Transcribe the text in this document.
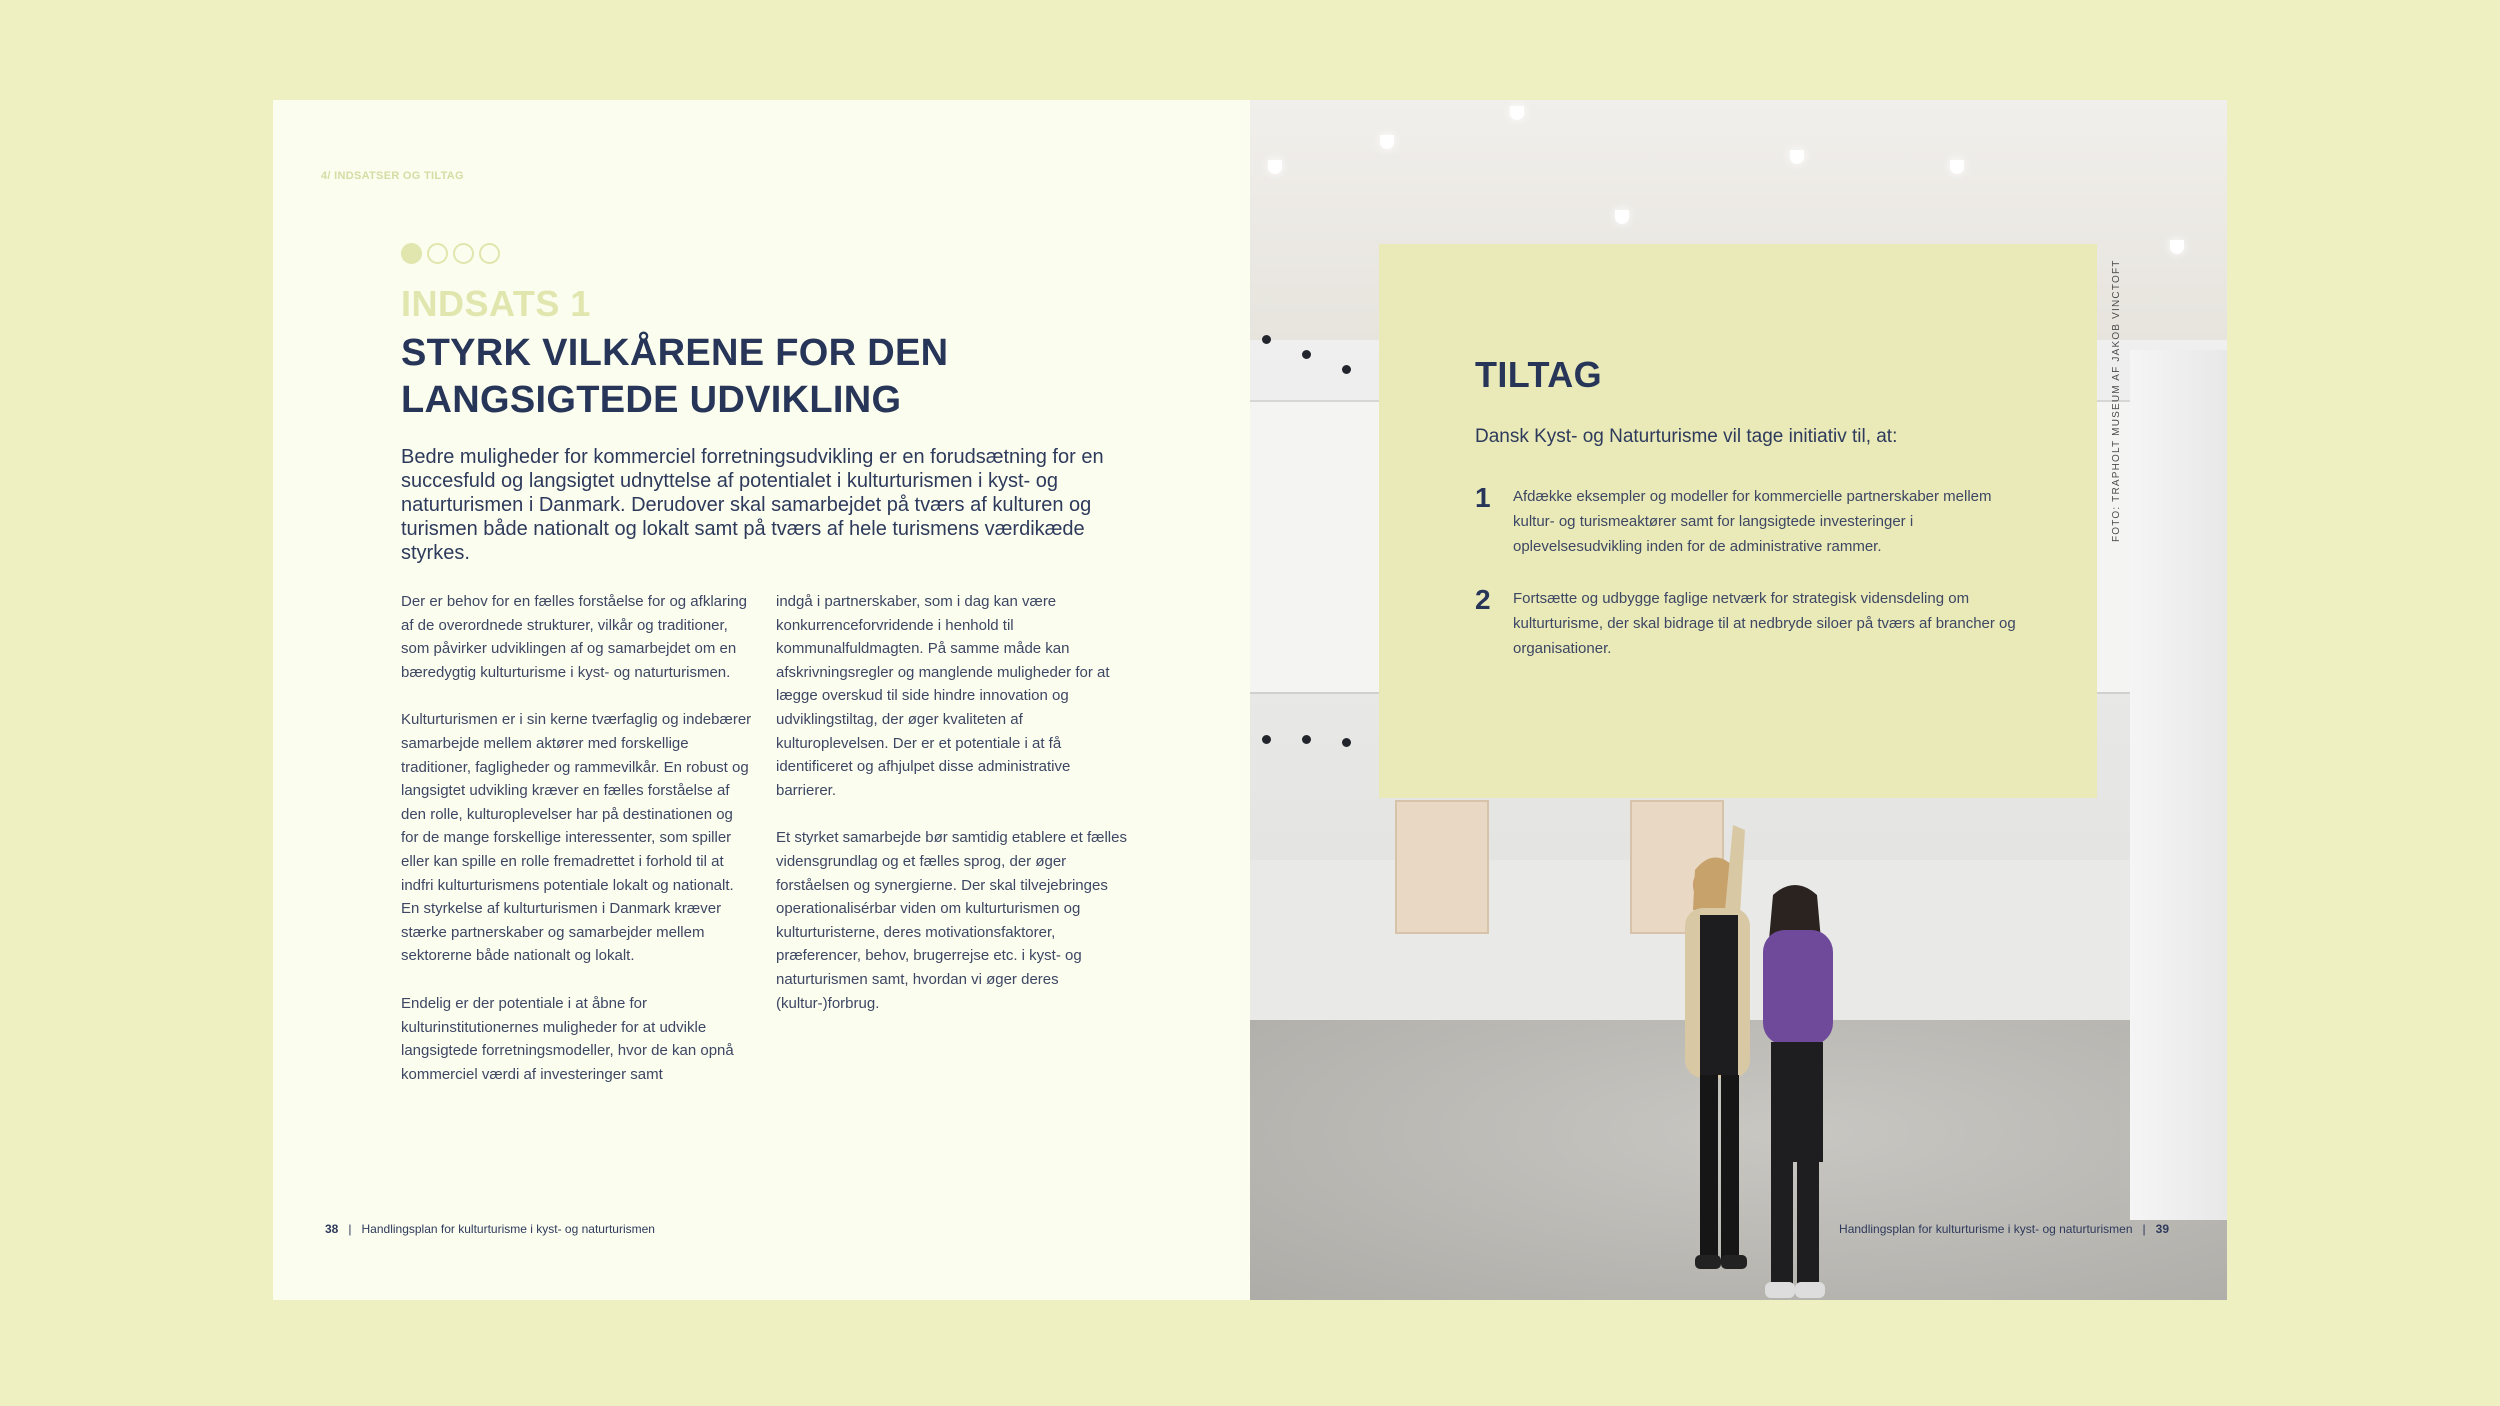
4/ INDSATSER OG TILTAG
INDSATS 1
STYRK VILKÅRENE FOR DEN
LANGSIGTEDE UDVIKLING
Bedre muligheder for kommerciel forretningsudvikling er en forudsætning for en succesfuld og langsigtet udnyttelse af potentialet i kulturturismen i kyst- og naturturismen i Danmark. Derudover skal samarbejdet på tværs af kulturen og turismen både nationalt og lokalt samt på tværs af hele turismens værdikæde styrkes.

Der er behov for en fælles forståelse for og afklaring af de overordnede strukturer, vilkår og traditioner, som påvirker udviklingen af og samarbejdet om en bæredygtig kulturturisme i kyst- og naturturismen.

Kulturturismen er i sin kerne tværfaglig og indebærer samarbejde mellem aktører med forskellige traditioner, fagligheder og rammevilkår. En robust og langsigtet udvikling kræver en fælles forståelse af den rolle, kulturoplevelser har på destinationen og for de mange forskellige interessenter, som spiller eller kan spille en rolle fremadrettet i forhold til at indfri kulturturismens potentiale lokalt og nationalt. En styrkelse af kulturturismen i Danmark kræver stærke partnerskaber og samarbejder mellem sektorerne både nationalt og lokalt.

Endelig er der potentiale i at åbne for kulturinstitutionernes muligheder for at udvikle langsigtede forretningsmodeller, hvor de kan opnå kommerciel værdi af investeringer samt

indgå i partnerskaber, som i dag kan være konkurrenceforvridende i henhold til kommunalfuldmagten. På samme måde kan afskrivningsregler og manglende muligheder for at lægge overskud til side hindre innovation og udviklingstiltag, der øger kvaliteten af kulturoplevelsen. Der er et potentiale i at få identificeret og afhjulpet disse administrative barrierer.

Et styrket samarbejde bør samtidig etablere et fælles vidensgrundlag og et fælles sprog, der øger forståelsen og synergierne. Der skal tilvejebringes operationalisérbar viden om kulturturismen og kulturturisterne, deres motivationsfaktorer, præferencer, behov, brugerrejse etc. i kyst- og naturturismen samt, hvordan vi øger deres (kultur-)forbrug.

38   |   Handlingsplan for kulturturisme i kyst- og naturturismen
FOTO: TRAPHOLT MUSEUM AF JAKOB VINCTOFT
Handlingsplan for kulturturisme i kyst- og naturturismen   |   39
TILTAG
Dansk Kyst- og Naturturisme vil tage initiativ til, at:
1 Afdække eksempler og modeller for kommercielle partnerskaber mellem kultur- og turismeaktører samt for langsigtede investeringer i oplevelsesudvikling inden for de administrative rammer.
2 Fortsætte og udbygge faglige netværk for strategisk vidensdeling om kulturturisme, der skal bidrage til at nedbryde siloer på tværs af brancher og organisationer.
